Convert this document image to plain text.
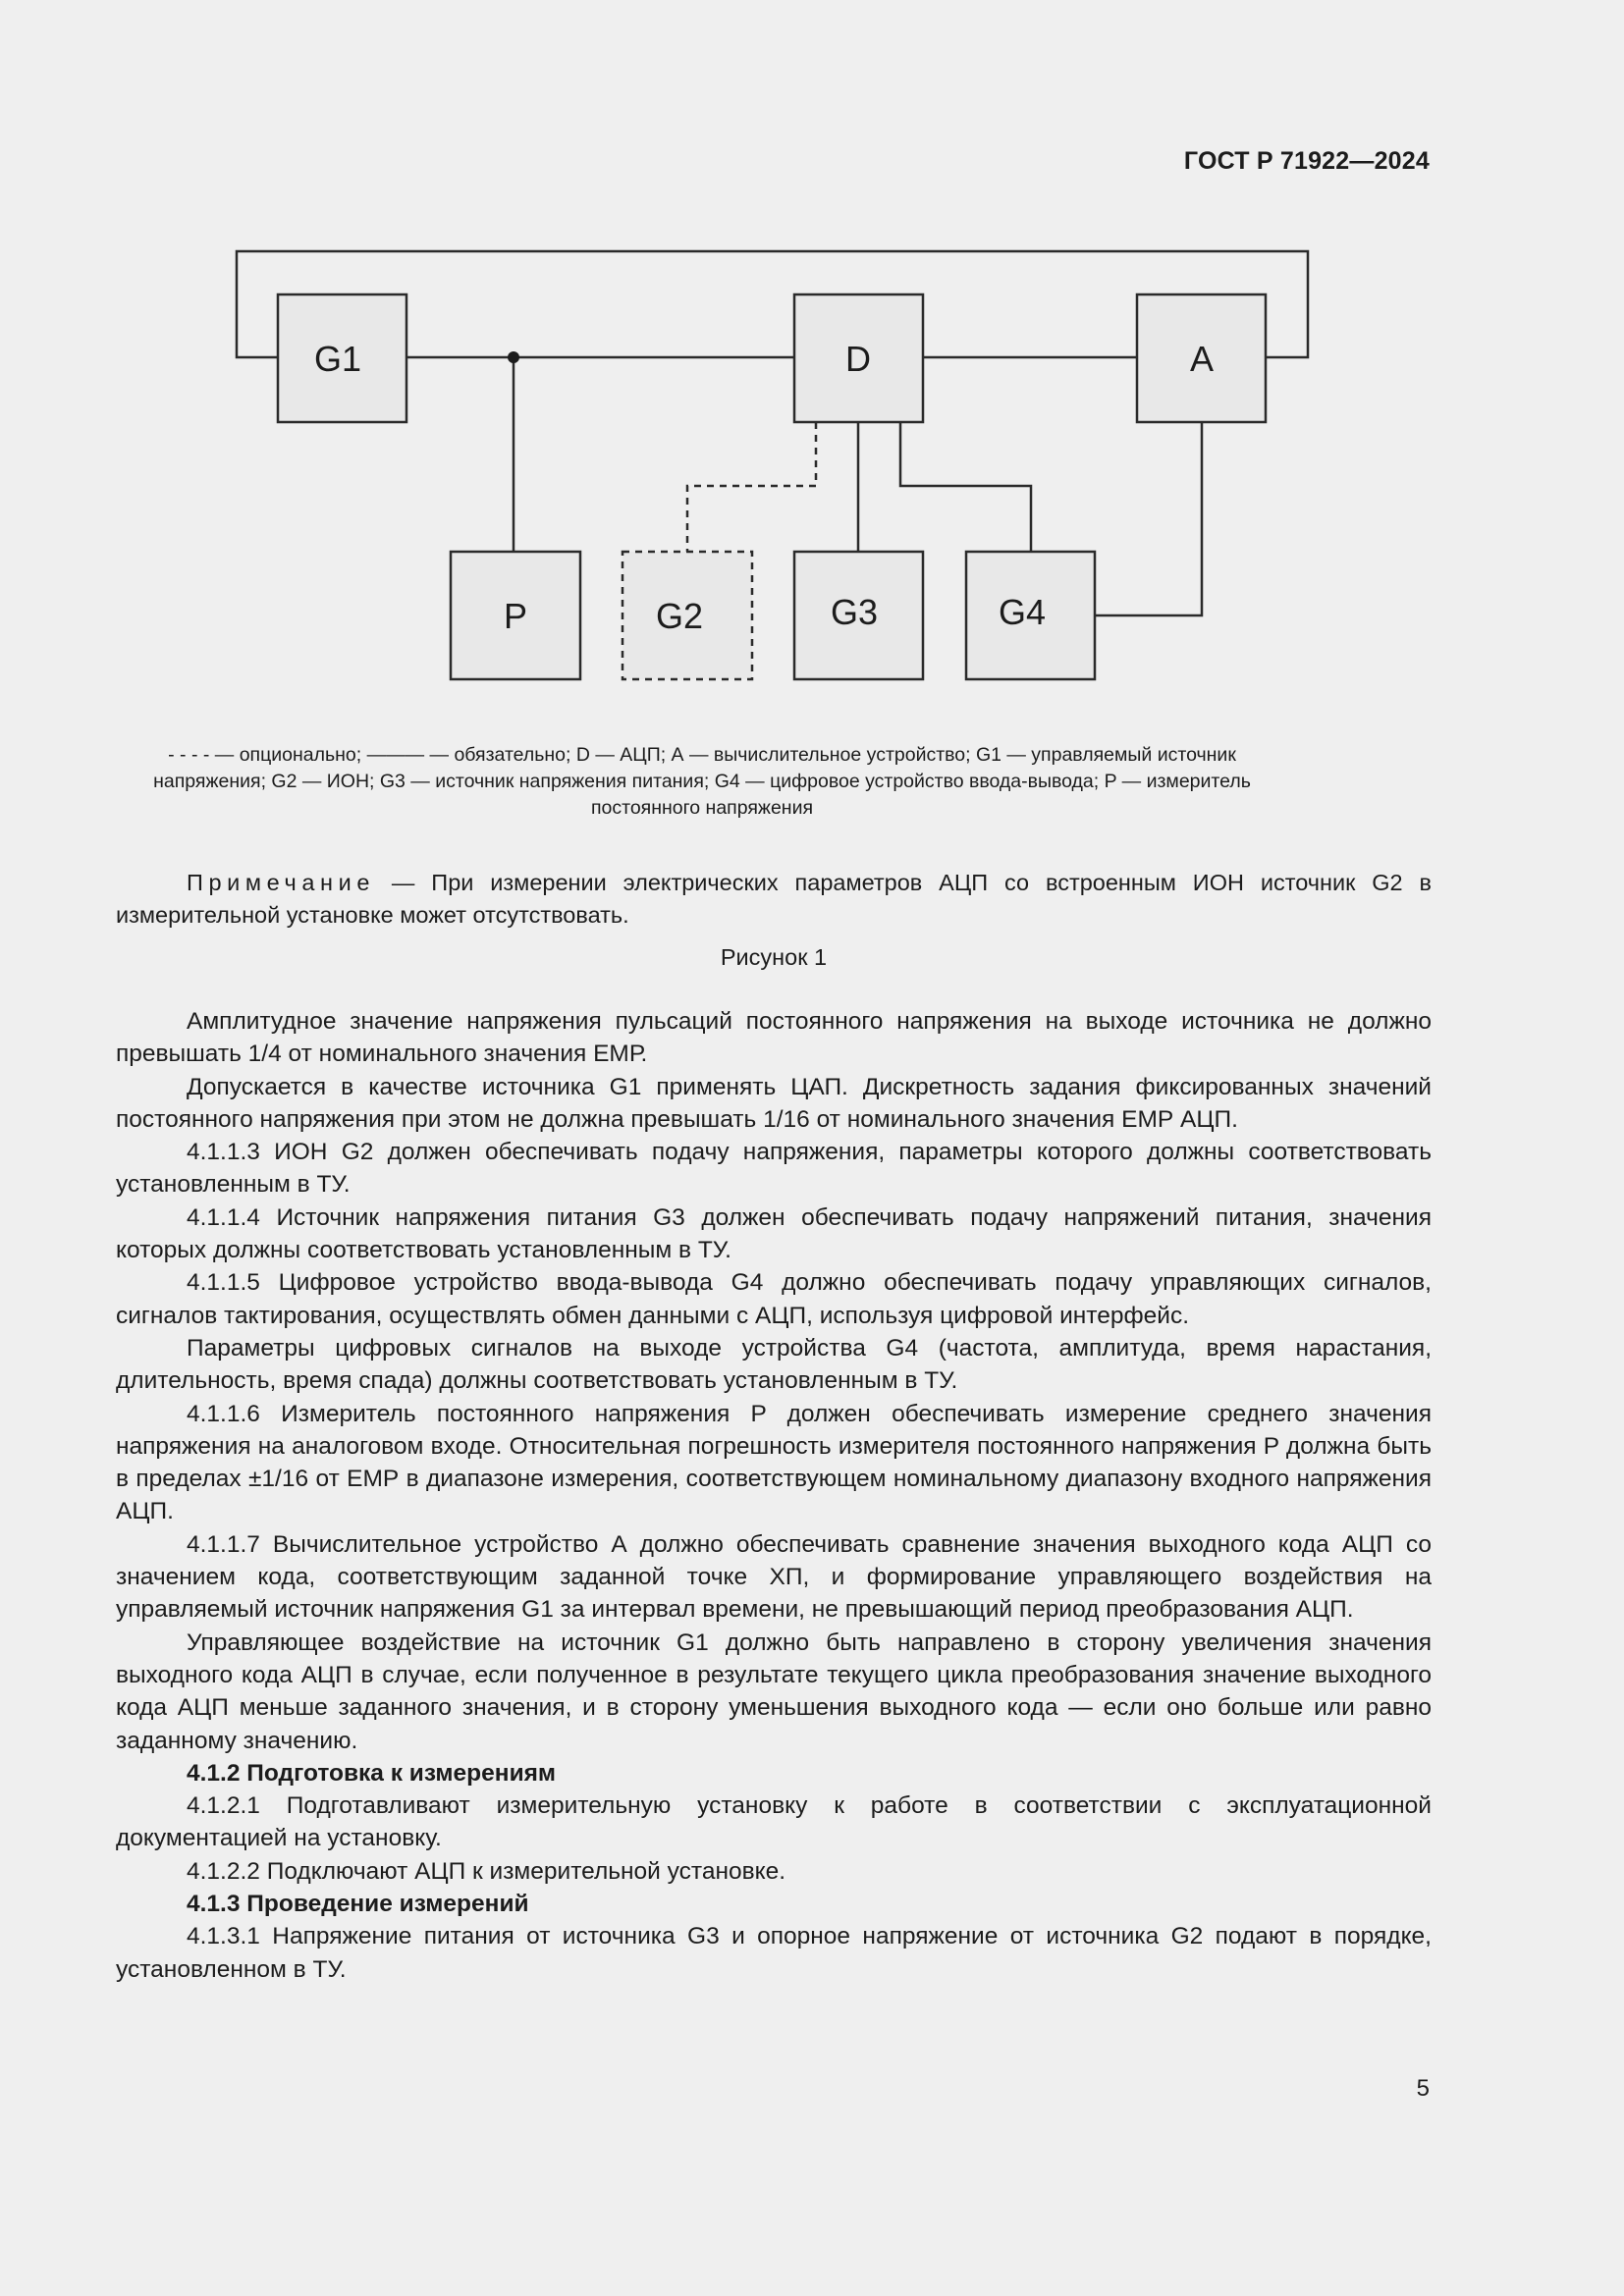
ГОСТ Р 71922—2024
G1	D	A
P	G2	G3	G4
- - - - — опционально; ——— — обязательно; D — АЦП; А — вычислительное устройство; G1 — управляемый источник
напряжения; G2 — ИОН; G3 — источник напряжения питания; G4 — цифровое устройство ввода-вывода; P — измеритель
постоянного напряжения
Примечание — При измерении электрических параметров АЦП со встроенным ИОН источник G2 в измерительной установке может отсутствовать.
Рисунок 1

Амплитудное значение напряжения пульсаций постоянного напряжения на выходе источника не должно превышать 1/4 от номинального значения ЕМР.

Допускается в качестве источника G1 применять ЦАП. Дискретность задания фиксированных значений постоянного напряжения при этом не должна превышать 1/16 от номинального значения ЕМР АЦП.

4.1.1.3 ИОН G2 должен обеспечивать подачу напряжения, параметры которого должны соответствовать установленным в ТУ.

4.1.1.4 Источник напряжения питания G3 должен обеспечивать подачу напряжений питания, значения которых должны соответствовать установленным в ТУ.

4.1.1.5 Цифровое устройство ввода-вывода G4 должно обеспечивать подачу управляющих сигналов, сигналов тактирования, осуществлять обмен данными с АЦП, используя цифровой интерфейс.

Параметры цифровых сигналов на выходе устройства G4 (частота, амплитуда, время нарастания, длительность, время спада) должны соответствовать установленным в ТУ.

4.1.1.6 Измеритель постоянного напряжения P должен обеспечивать измерение среднего значения напряжения на аналоговом входе. Относительная погрешность измерителя постоянного напряжения P должна быть в пределах ±1/16 от ЕМР в диапазоне измерения, соответствующем номинальному диапазону входного напряжения АЦП.

4.1.1.7 Вычислительное устройство А должно обеспечивать сравнение значения выходного кода АЦП со значением кода, соответствующим заданной точке ХП, и формирование управляющего воздействия на управляемый источник напряжения G1 за интервал времени, не превышающий период преобразования АЦП.

Управляющее воздействие на источник G1 должно быть направлено в сторону увеличения значения выходного кода АЦП в случае, если полученное в результате текущего цикла преобразования значение выходного кода АЦП меньше заданного значения, и в сторону уменьшения выходного кода — если оно больше или равно заданному значению.

4.1.2 Подготовка к измерениям

4.1.2.1 Подготавливают измерительную установку к работе в соответствии с эксплуатационной документацией на установку.

4.1.2.2 Подключают АЦП к измерительной установке.

4.1.3 Проведение измерений

4.1.3.1 Напряжение питания от источника G3 и опорное напряжение от источника G2 подают в порядке, установленном в ТУ.

5
